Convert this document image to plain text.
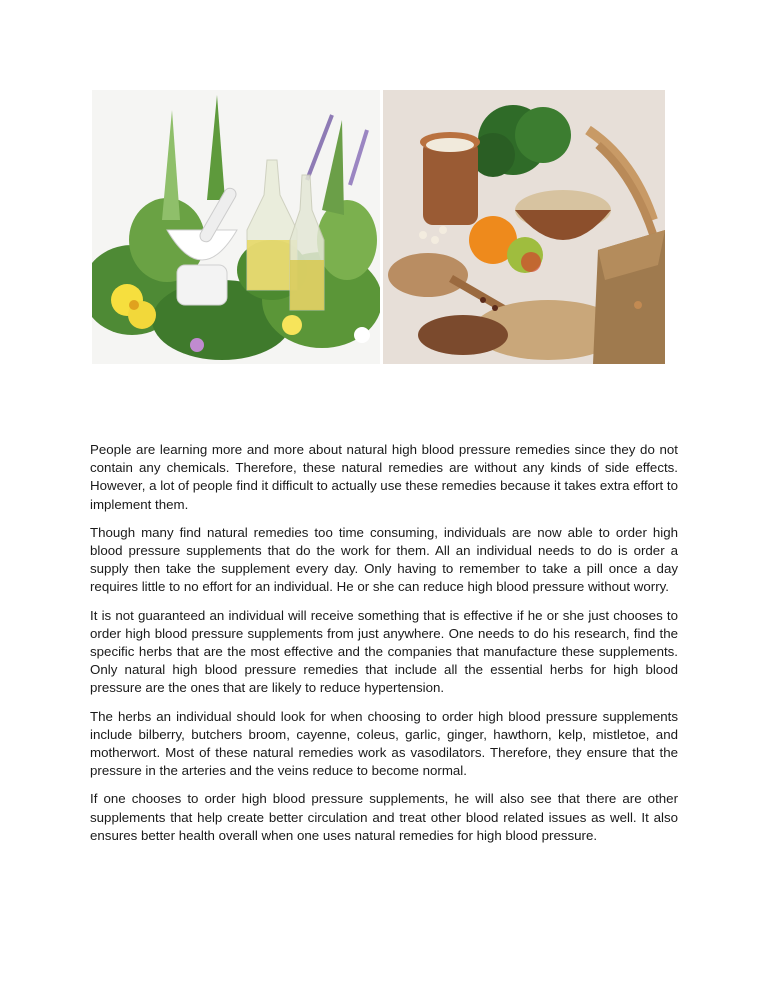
People are learning more and more about natural high blood pressure remedies since they do not contain any chemicals. Therefore, these natural remedies are without any kinds of side effects. However, a lot of people find it difficult to actually use these remedies because it takes extra effort to implement them.

Though many find natural remedies too time consuming, individuals are now able to order high blood pressure supplements that do the work for them. All an individual needs to do is order a supply then take the supplement every day. Only having to remember to take a pill once a day requires little to no effort for an individual. He or she can reduce high blood pressure without worry.

It is not guaranteed an individual will receive something that is effective if he or she just chooses to order high blood pressure supplements from just anywhere. One needs to do his research, find the specific herbs that are the most effective and the companies that manufacture these supplements. Only natural high blood pressure remedies that include all the essential herbs for high blood pressure are the ones that are likely to reduce hypertension.

The herbs an individual should look for when choosing to order high blood pressure supplements include bilberry, butchers broom, cayenne, coleus, garlic, ginger, hawthorn, kelp, mistletoe, and motherwort. Most of these natural remedies work as vasodilators. Therefore, they ensure that the pressure in the arteries and the veins reduce to become normal.

If one chooses to order high blood pressure supplements, he will also see that there are other supplements that help create better circulation and treat other blood related issues as well. It also ensures better health overall when one uses natural remedies for high blood pressure.
